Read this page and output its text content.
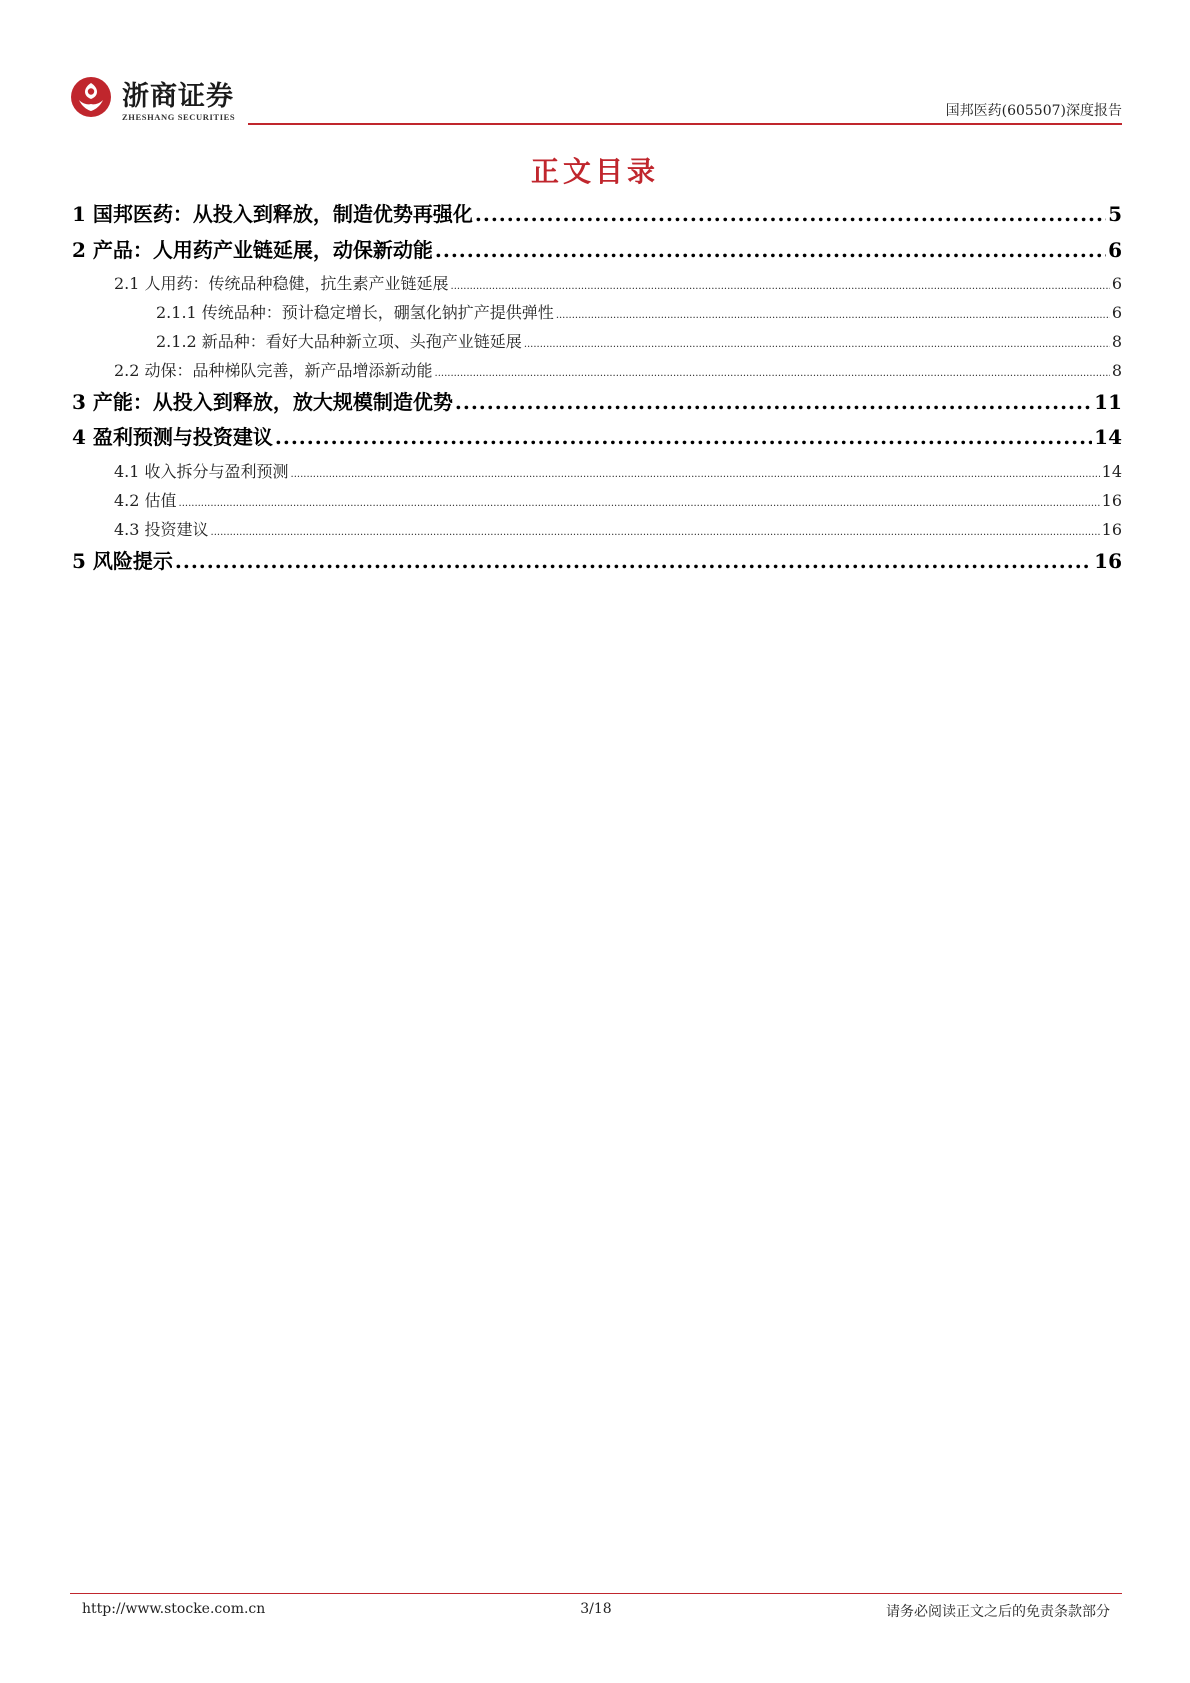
浙商证券
ZHESHANG SECURITIES	国邦医药(605507)深度报告
正文目录
1 国邦医药：从投入到释放，制造优势再强化 .....	5
2 产品：人用药产业链延展，动保新动能 .....	6
2.1 人用药：传统品种稳健，抗生素产业链延展 .....	6
2.1.1 传统品种：预计稳定增长，硼氢化钠扩产提供弹性 .....	6
2.1.2 新品种：看好大品种新立项、头孢产业链延展 .....	8
2.2 动保：品种梯队完善，新产品增添新动能 .....	8
3 产能：从投入到释放，放大规模制造优势 .....	11
4 盈利预测与投资建议 .....	14
4.1 收入拆分与盈利预测 .....	14
4.2 估值 .....	16
4.3 投资建议 .....	16
5 风险提示 .....	16
http://www.stocke.com.cn	3/18	请务必阅读正文之后的免责条款部分
